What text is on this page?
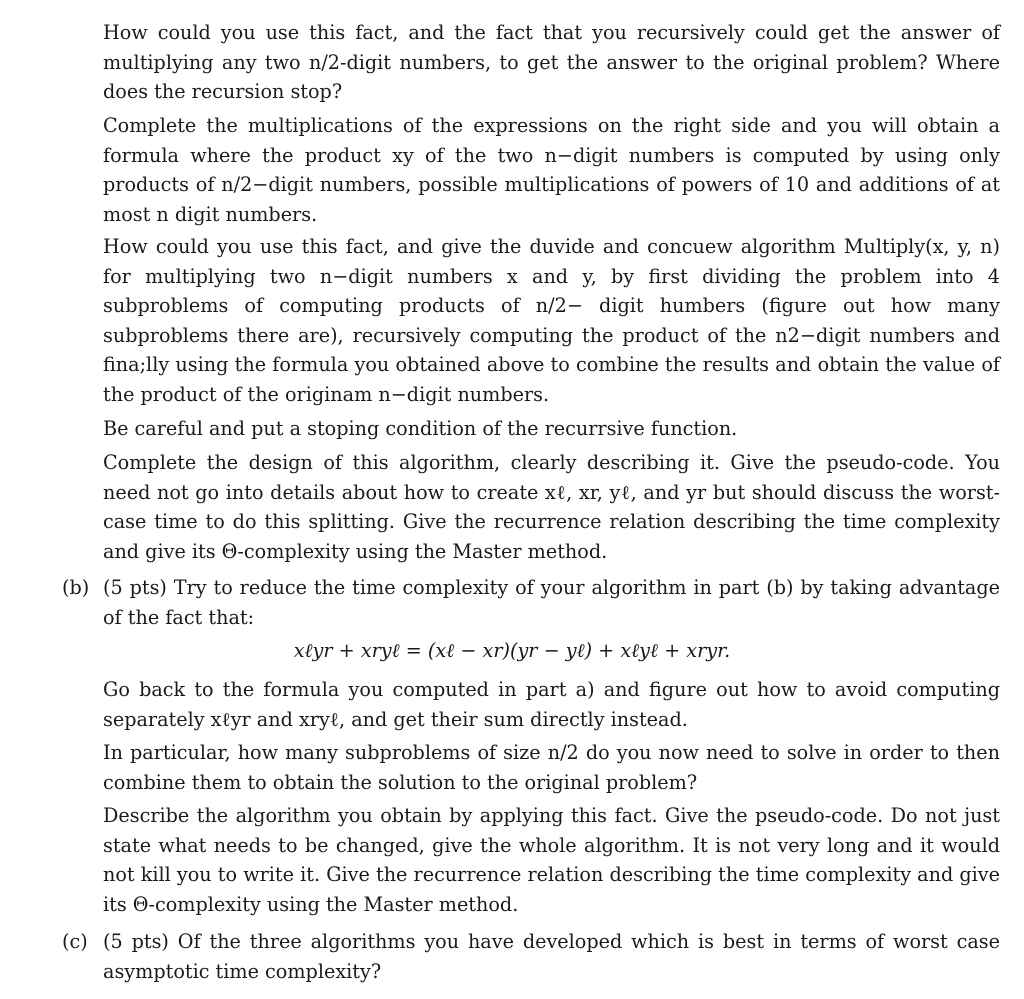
How could you use this fact, and the fact that you recursively could get the answer of multiplying any two n/2-digit numbers, to get the answer to the original problem? Where does the recursion stop?

Complete the multiplications of the expressions on the right side and you will obtain a formula where the product xy of the two n−digit numbers is computed by using only products of n/2−digit numbers, possible multiplications of powers of 10 and additions of at most n digit numbers.

How could you use this fact, and give the duvide and concuew algorithm Multiply(x, y, n) for multiplying two n−digit numbers x and y, by first dividing the problem into 4 subproblems of computing products of n/2− digit humbers (figure out how many subproblems there are), recursively computing the product of the n2−digit numbers and fina;lly using the formula you obtained above to combine the results and obtain the value of the product of the originam n−digit numbers.

Be careful and put a stoping condition of the recurrsive function.

Complete the design of this algorithm, clearly describing it. Give the pseudo-code. You need not go into details about how to create xℓ, xr, yℓ, and yr but should discuss the worst-case time to do this splitting. Give the recurrence relation describing the time complexity and give its Θ-complexity using the Master method.

(b) (5 pts) Try to reduce the time complexity of your algorithm in part (b) by taking advantage of the fact that:

xℓyr + xryℓ = (xℓ − xr)(yr − yℓ) + xℓyℓ + xryr.

Go back to the formula you computed in part a) and figure out how to avoid computing separately xℓyr and xryℓ, and get their sum directly instead.

In particular, how many subproblems of size n/2 do you now need to solve in order to then combine them to obtain the solution to the original problem?

Describe the algorithm you obtain by applying this fact. Give the pseudo-code. Do not just state what needs to be changed, give the whole algorithm. It is not very long and it would not kill you to write it. Give the recurrence relation describing the time complexity and give its Θ-complexity using the Master method.

(c) (5 pts) Of the three algorithms you have developed which is best in terms of worst case asymptotic time complexity?
